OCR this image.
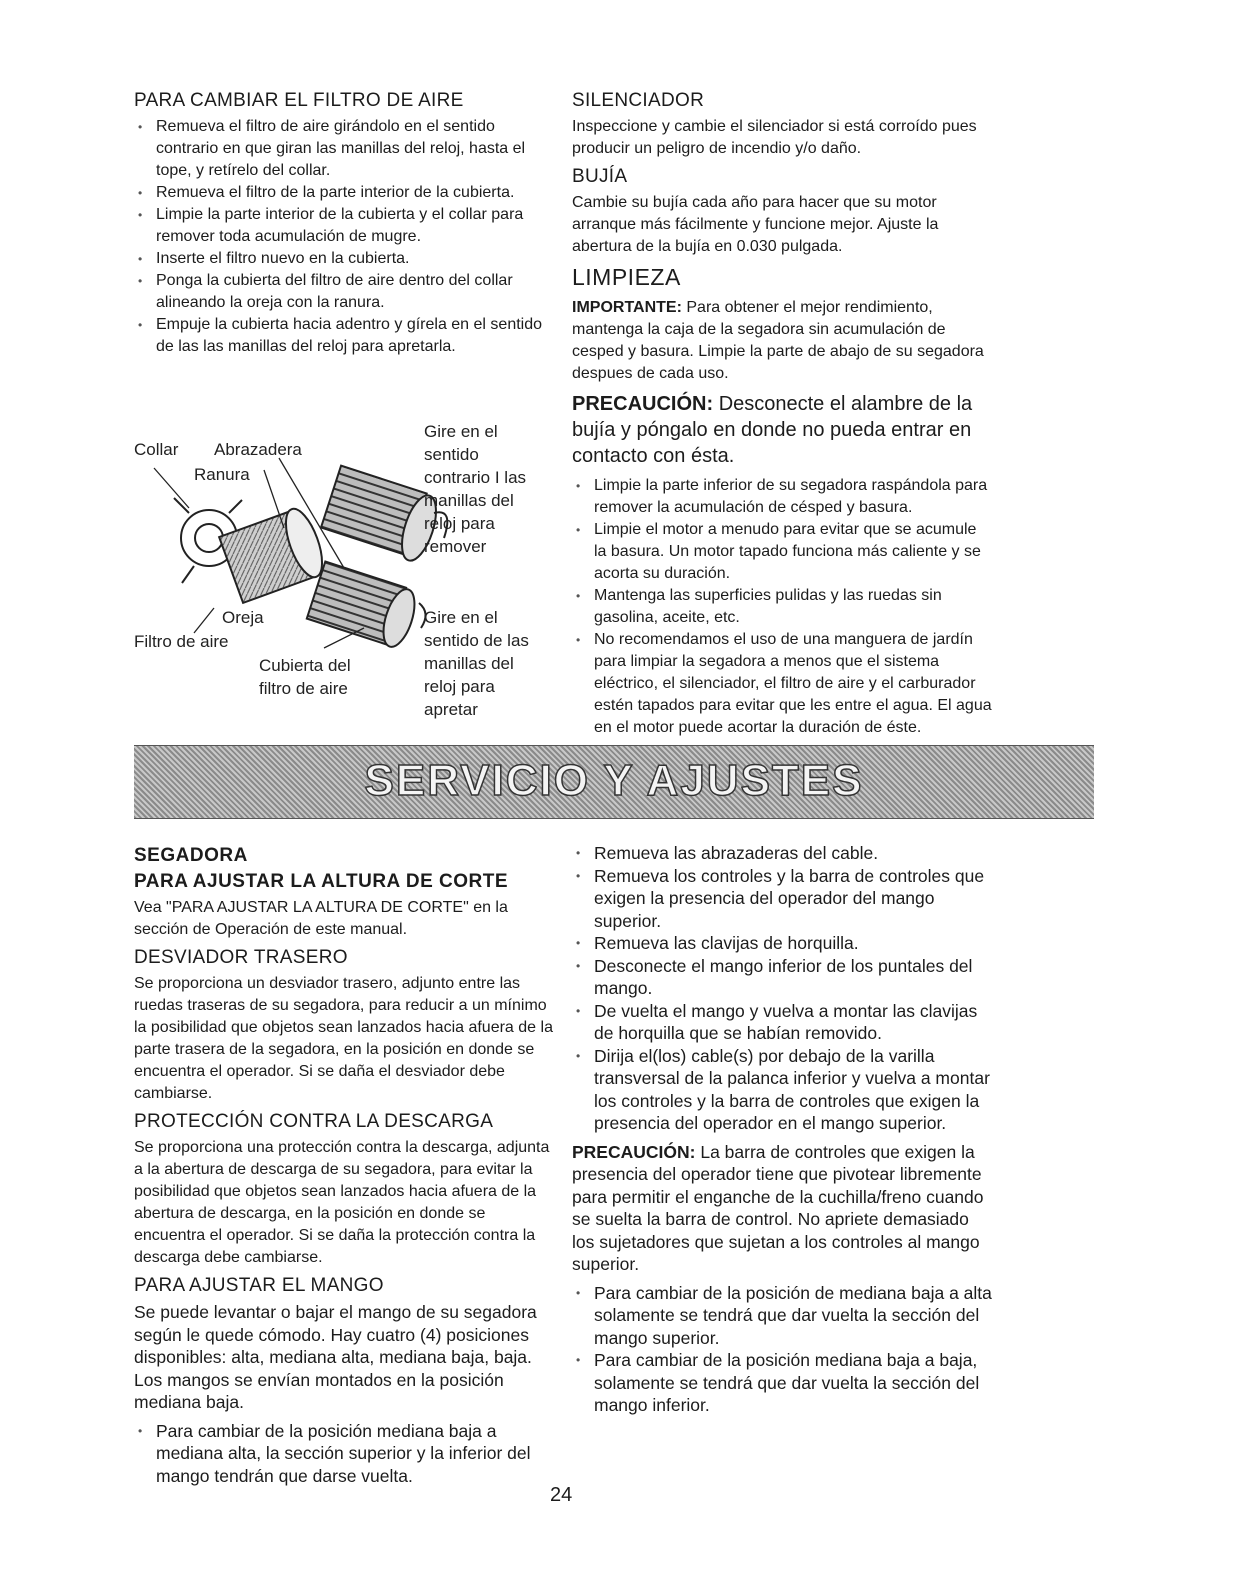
PARA CAMBIAR EL FILTRO DE AIRE
• Remueva el filtro de aire girándolo en el sentido contrario en que giran las manillas del reloj, hasta el tope, y retírelo del collar.
• Remueva el filtro de la parte interior de la cubierta.
• Limpie la parte interior de la cubierta y el collar para remover toda acumulación de mugre.
• Inserte el filtro nuevo en la cubierta.
• Ponga la cubierta del filtro de aire dentro del collar alineando la oreja con la ranura.
• Empuje la cubierta hacia adentro y gírela en el sentido de las las manillas del reloj para apretarla.
Collar Abrazadera
Ranura
Gire en el sentido contrario I las manillas del reloj para remover
Oreja
Filtro de aire
Cubierta del filtro de aire
Gire en el sentido de las manillas del reloj para apretar
SILENCIADOR

Inspeccione y cambie el silenciador si está corroído pues producir un peligro de incendio y/o daño.

BUJÍA

Cambie su bujía cada año para hacer que su motor arranque más fácilmente y funcione mejor. Ajuste la abertura de la bujía en 0.030 pulgada.

LIMPIEZA

IMPORTANTE: Para obtener el mejor rendimiento, mantenga la caja de la segadora sin acumulación de cesped y basura. Limpie la parte de abajo de su segadora despues de cada uso.

PRECAUCIÓN: Desconecte el alambre de la bujía y póngalo en donde no pueda entrar en contacto con ésta.

• Limpie la parte inferior de su segadora raspándola para remover la acumulación de césped y basura.
• Limpie el motor a menudo para evitar que se acumule la basura. Un motor tapado funciona más caliente y se acorta su duración.
• Mantenga las superficies pulidas y las ruedas sin gasolina, aceite, etc.
• No recomendamos el uso de una manguera de jardín para limpiar la segadora a menos que el sistema eléctrico, el silenciador, el filtro de aire y el carburador estén tapados para evitar que les entre el agua. El agua en el motor puede acortar la duración de éste.
SERVICIO Y AJUSTES
SEGADORA
PARA AJUSTAR LA ALTURA DE CORTE

Vea "PARA AJUSTAR LA ALTURA DE CORTE" en la sección de Operación de este manual.

DESVIADOR TRASERO

Se proporciona un desviador trasero, adjunto entre las ruedas traseras de su segadora, para reducir a un mínimo la posibilidad que objetos sean lanzados hacia afuera de la parte trasera de la segadora, en la posición en donde se encuentra el operador. Si se daña el desviador debe cambiarse.

PROTECCIÓN CONTRA LA DESCARGA

Se proporciona una protección contra la descarga, adjunta a la abertura de descarga de su segadora, para evitar la posibilidad que objetos sean lanzados hacia afuera de la abertura de descarga, en la posición en donde se encuentra el operador. Si se daña la protección contra la descarga debe cambiarse.

PARA AJUSTAR EL MANGO

Se puede levantar o bajar el mango de su segadora según le quede cómodo. Hay cuatro (4) posiciones disponibles: alta, mediana alta, mediana baja, baja. Los mangos se envían montados en la posición mediana baja.

• Para cambiar de la posición mediana baja a mediana alta, la sección superior y la inferior del mango tendrán que darse vuelta.
• Remueva las abrazaderas del cable.
• Remueva los controles y la barra de controles que exigen la presencia del operador del mango superior.
• Remueva las clavijas de horquilla.
• Desconecte el mango inferior de los puntales del mango.
• De vuelta el mango y vuelva a montar las clavijas de horquilla que se habían removido.
• Dirija el(los) cable(s) por debajo de la varilla transversal de la palanca inferior y vuelva a montar los controles y la barra de controles que exigen la presencia del operador en el mango superior.

PRECAUCIÓN: La barra de controles que exigen la presencia del operador tiene que pivotear libremente para permitir el enganche de la cuchilla/freno cuando se suelta la barra de control. No apriete demasiado los sujetadores que sujetan a los controles al mango superior.

• Para cambiar de la posición de mediana baja a alta solamente se tendrá que dar vuelta la sección del mango superior.
• Para cambiar de la posición mediana baja a baja, solamente se tendrá que dar vuelta la sección del mango inferior.
24
